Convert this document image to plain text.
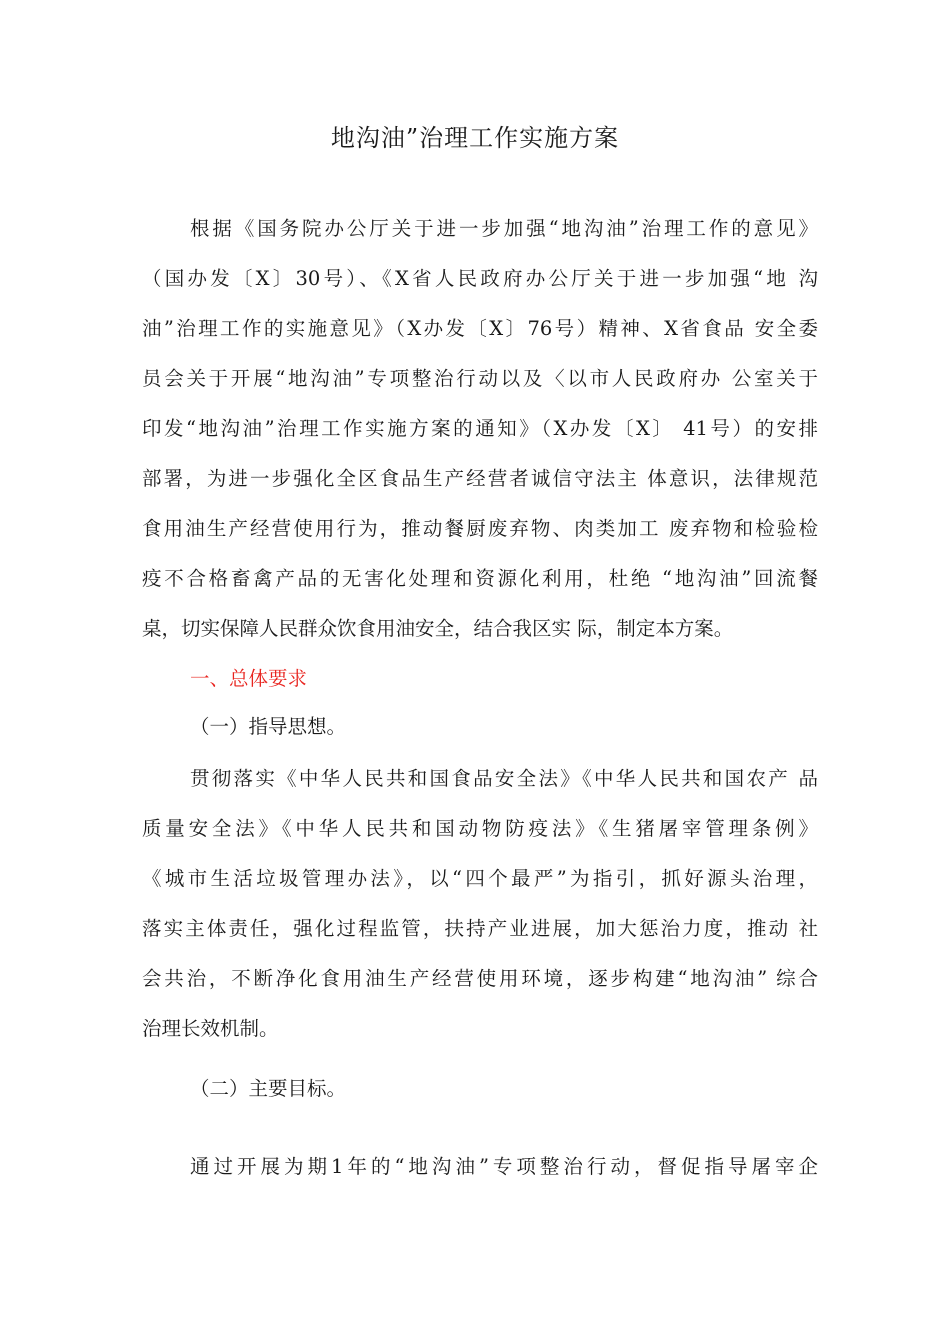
地沟油”治理工作实施方案
根据《国务院办公厅关于进一步加强“地沟油”治理工作的意见》
（国办发〔X〕30号）、《X省人民政府办公厅关于进一步加强“地 沟
油”治理工作的实施意见》（X办发〔X〕76号）精神、X省食品 安全委
员会关于开展“地沟油”专项整治行动以及〈以市人民政府办 公室关于
印发“地沟油”治理工作实施方案的通知》（X办发〔X〕 41号）的安排
部署，为进一步强化全区食品生产经营者诚信守法主 体意识，法律规范
食用油生产经营使用行为，推动餐厨废弃物、肉类加工 废弃物和检验检
疫不合格畜禽产品的无害化处理和资源化利用，杜绝 “地沟油”回流餐
桌，切实保障人民群众饮食用油安全，结合我区实 际，制定本方案。
一、总体要求
（一）指导思想。
贯彻落实《中华人民共和国食品安全法》《中华人民共和国农产 品
质量安全法》《中华人民共和国动物防疫法》《生猪屠宰管理条例》
《城市生活垃圾管理办法》，以“四个最严”为指引，抓好源头治理，
落实主体责任，强化过程监管，扶持产业进展，加大惩治力度，推动 社
会共治，不断净化食用油生产经营使用环境，逐步构建“地沟油” 综合
治理长效机制。
（二）主要目标。
通过开展为期1年的“地沟油”专项整治行动，督促指导屠宰企
